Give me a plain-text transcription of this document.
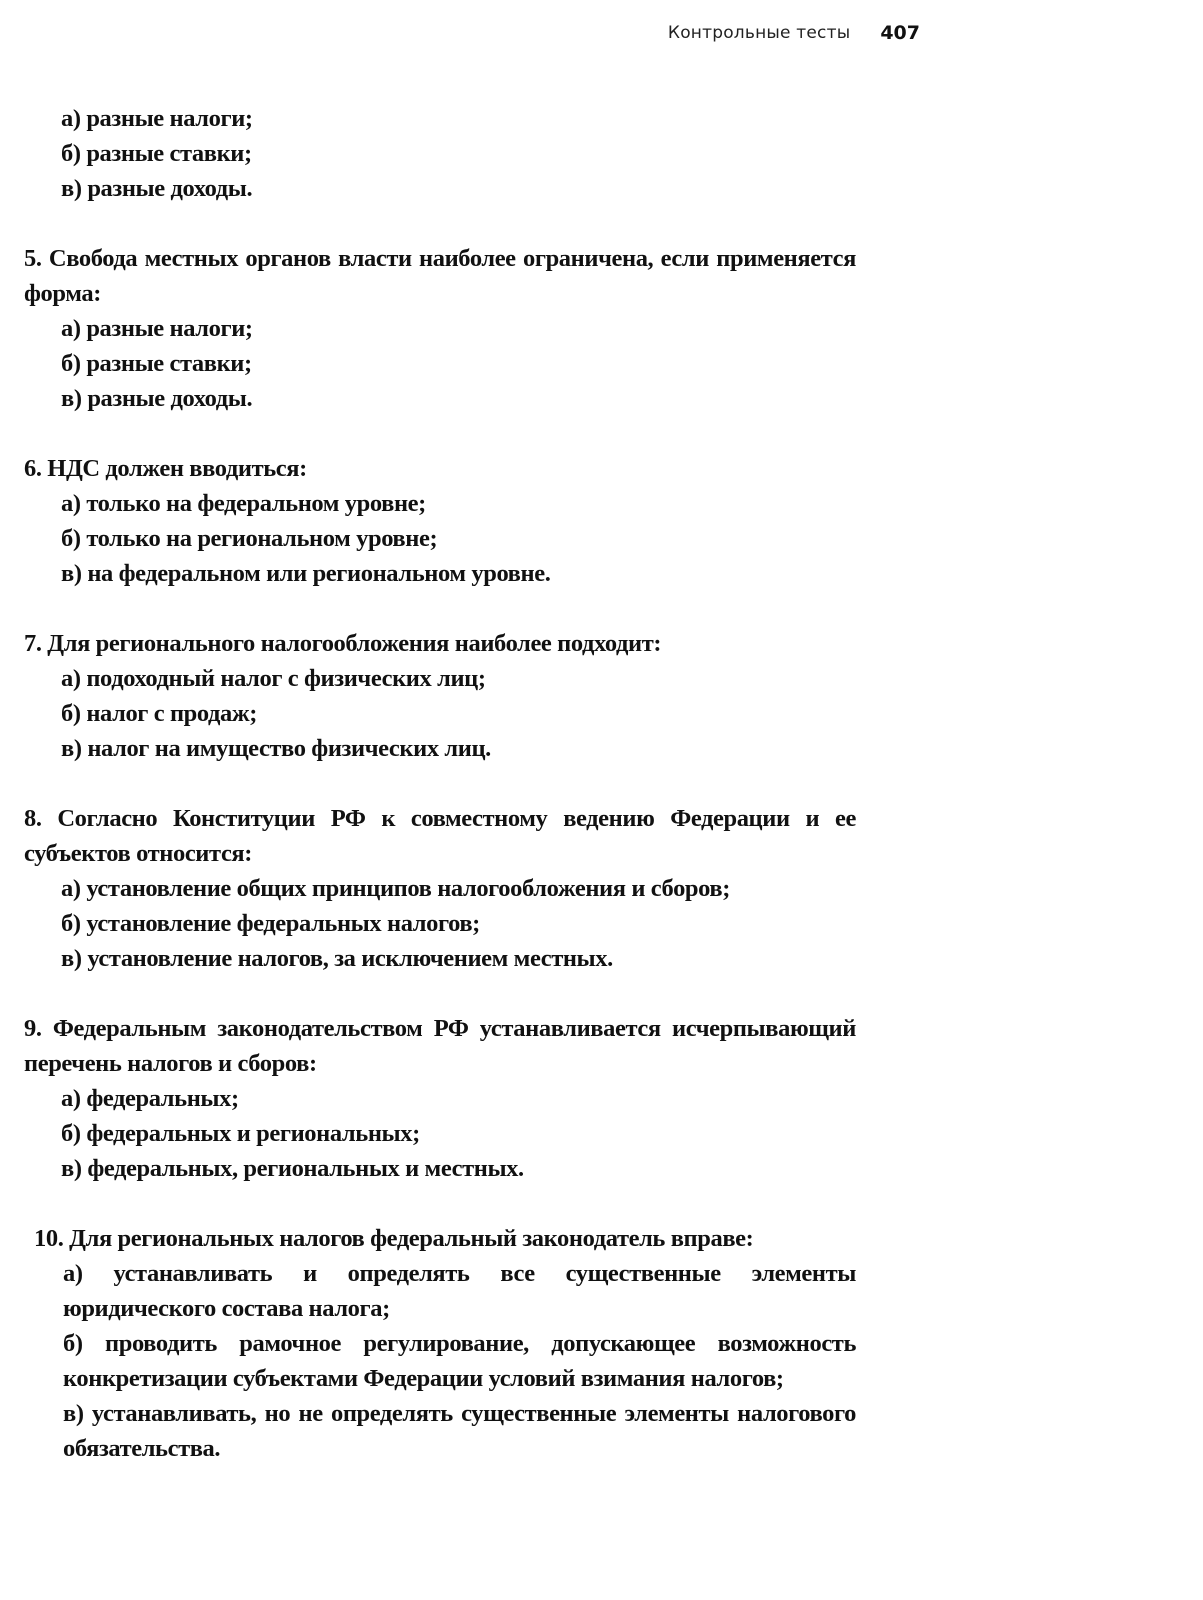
Контрольные тесты 407
а) разные налоги;
б) разные ставки;
в) разные доходы.

5. Свобода местных органов власти наиболее ограничена, если применяется форма:

а) разные налоги;
б) разные ставки;
в) разные доходы.

6. НДС должен вводиться:

а) только на федеральном уровне;
б) только на региональном уровне;
в) на федеральном или региональном уровне.

7. Для регионального налогообложения наиболее подходит:

а) подоходный налог с физических лиц;
б) налог с продаж;
в) налог на имущество физических лиц.

8. Согласно Конституции РФ к совместному ведению Федерации и ее субъектов относится:

а) установление общих принципов налогообложения и сборов;
б) установление федеральных налогов;
в) установление налогов, за исключением местных.

9. Федеральным законодательством РФ устанавливается исчерпывающий перечень налогов и сборов:

а) федеральных;
б) федеральных и региональных;
в) федеральных, региональных и местных.

10. Для региональных налогов федеральный законодатель вправе:

а) устанавливать и определять все существенные элементы юридического состава налога;
б) проводить рамочное регулирование, допускающее возможность конкретизации субъектами Федерации условий взимания налогов;
в) устанавливать, но не определять существенные элементы налогового обязательства.
